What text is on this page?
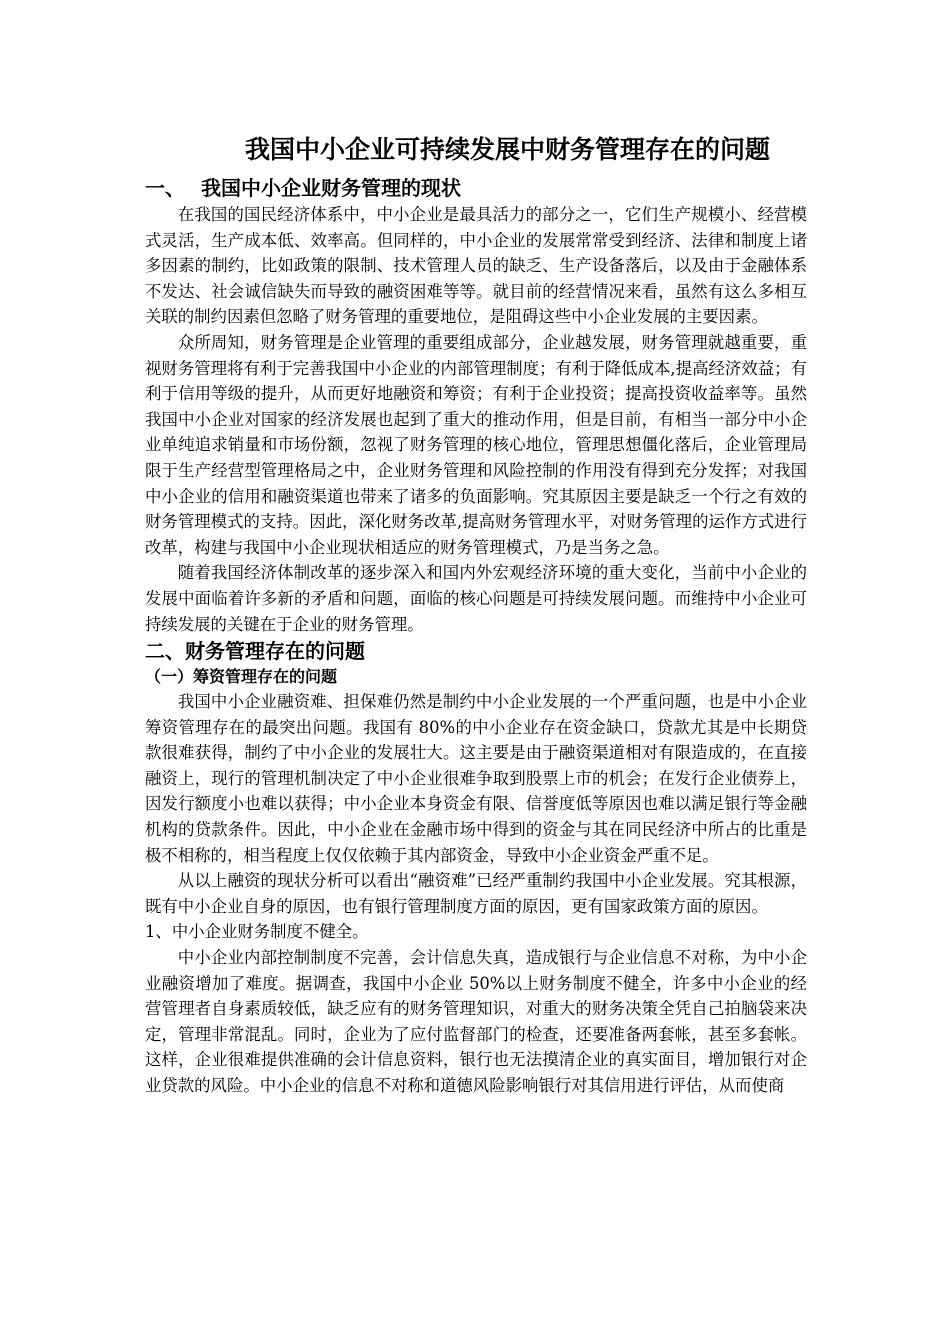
我国中小企业可持续发展中财务管理存在的问题
一、 我国中小企业财务管理的现状

在我国的国民经济体系中，中小企业是最具活力的部分之一，它们生产规模小、经营模式灵活，生产成本低、效率高。但同样的，中小企业的发展常常受到经济、法律和制度上诸多因素的制约，比如政策的限制、技术管理人员的缺乏、生产设备落后，以及由于金融体系不发达、社会诚信缺失而导致的融资困难等等。就目前的经营情况来看，虽然有这么多相互关联的制约因素但忽略了财务管理的重要地位，是阻碍这些中小企业发展的主要因素。

众所周知，财务管理是企业管理的重要组成部分，企业越发展，财务管理就越重要，重视财务管理将有利于完善我国中小企业的内部管理制度；有利于降低成本,提高经济效益；有利于信用等级的提升，从而更好地融资和筹资；有利于企业投资；提高投资收益率等。虽然我国中小企业对国家的经济发展也起到了重大的推动作用，但是目前，有相当一部分中小企业单纯追求销量和市场份额，忽视了财务管理的核心地位，管理思想僵化落后，企业管理局限于生产经营型管理格局之中，企业财务管理和风险控制的作用没有得到充分发挥；对我国中小企业的信用和融资渠道也带来了诸多的负面影响。究其原因主要是缺乏一个行之有效的财务管理模式的支持。因此，深化财务改革,提高财务管理水平，对财务管理的运作方式进行改革，构建与我国中小企业现状相适应的财务管理模式，乃是当务之急。

随着我国经济体制改革的逐步深入和国内外宏观经济环境的重大变化，当前中小企业的发展中面临着许多新的矛盾和问题，面临的核心问题是可持续发展问题。而维持中小企业可持续发展的关键在于企业的财务管理。

二、财务管理存在的问题
（一）筹资管理存在的问题

我国中小企业融资难、担保难仍然是制约中小企业发展的一个严重问题，也是中小企业筹资管理存在的最突出问题。我国有 80%的中小企业存在资金缺口，贷款尤其是中长期贷款很难获得，制约了中小企业的发展壮大。这主要是由于融资渠道相对有限造成的，在直接融资上，现行的管理机制决定了中小企业很难争取到股票上市的机会；在发行企业债券上，因发行额度小也难以获得；中小企业本身资金有限、信誉度低等原因也难以满足银行等金融机构的贷款条件。因此，中小企业在金融市场中得到的资金与其在同民经济中所占的比重是极不相称的，相当程度上仅仅依赖于其内部资金，导致中小企业资金严重不足。

从以上融资的现状分析可以看出“融资难”已经严重制约我国中小企业发展。究其根源，既有中小企业自身的原因，也有银行管理制度方面的原因，更有国家政策方面的原因。

1、中小企业财务制度不健全。

中小企业内部控制制度不完善，会计信息失真，造成银行与企业信息不对称，为中小企业融资增加了难度。据调查，我国中小企业 50%以上财务制度不健全，许多中小企业的经营管理者自身素质较低，缺乏应有的财务管理知识，对重大的财务决策全凭自己拍脑袋来决定，管理非常混乱。同时，企业为了应付监督部门的检查，还要准备两套帐，甚至多套帐。这样，企业很难提供准确的会计信息资料，银行也无法摸清企业的真实面目，增加银行对企业贷款的风险。中小企业的信息不对称和道德风险影响银行对其信用进行评估，从而使商
